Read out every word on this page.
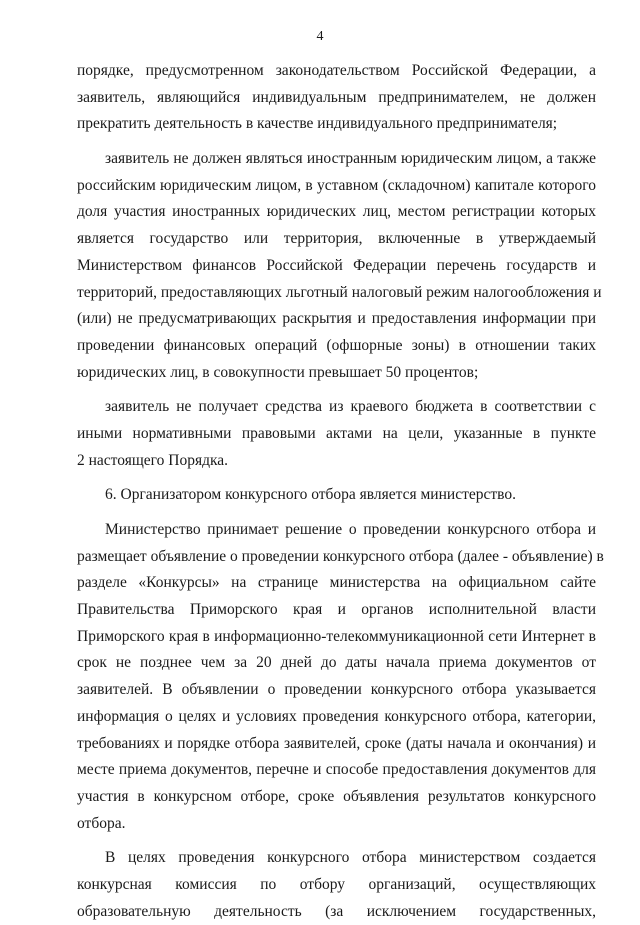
4
порядке, предусмотренном законодательством Российской Федерации, а
заявитель, являющийся индивидуальным предпринимателем, не должен
прекратить деятельность в качестве индивидуального предпринимателя;
заявитель не должен являться иностранным юридическим лицом, а также
российским юридическим лицом, в уставном (складочном) капитале которого
доля участия иностранных юридических лиц, местом регистрации которых
является государство или территория, включенные в утверждаемый
Министерством финансов Российской Федерации перечень государств и
территорий, предоставляющих льготный налоговый режим налогообложения и
(или) не предусматривающих раскрытия и предоставления информации при
проведении финансовых операций (офшорные зоны) в отношении таких
юридических лиц, в совокупности превышает 50 процентов;
заявитель не получает средства из краевого бюджета в соответствии с
иными нормативными правовыми актами на цели, указанные в пункте
2 настоящего Порядка.
6. Организатором конкурсного отбора является министерство.
Министерство принимает решение о проведении конкурсного отбора и
размещает объявление о проведении конкурсного отбора (далее - объявление) в
разделе «Конкурсы» на странице министерства на официальном сайте
Правительства Приморского края и органов исполнительной власти
Приморского края в информационно-телекоммуникационной сети Интернет в
срок не позднее чем за 20 дней до даты начала приема документов от
заявителей. В объявлении о проведении конкурсного отбора указывается
информация о целях и условиях проведения конкурсного отбора, категории,
требованиях и порядке отбора заявителей, сроке (даты начала и окончания) и
месте приема документов, перечне и способе предоставления документов для
участия в конкурсном отборе, сроке объявления результатов конкурсного
отбора.
В целях проведения конкурсного отбора министерством создается
конкурсная комиссия по отбору организаций, осуществляющих
образовательную деятельность (за исключением государственных,
